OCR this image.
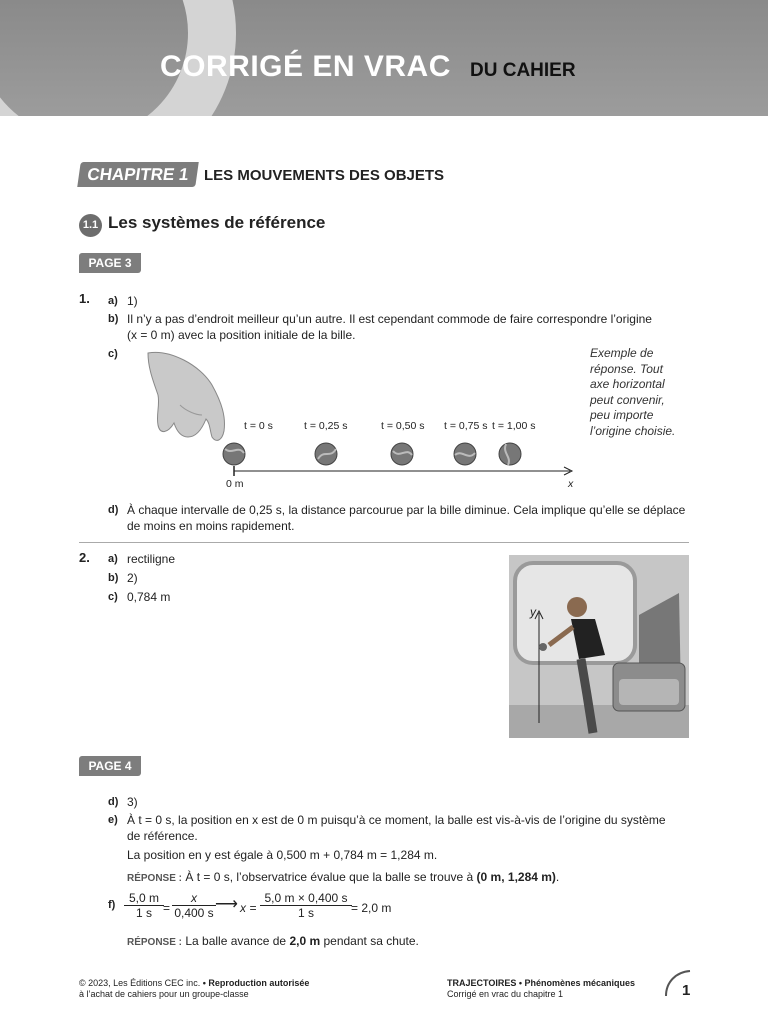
CORRIGÉ EN VRAC DU CAHIER
CHAPITRE 1 LES MOUVEMENTS DES OBJETS
1.1 Les systèmes de référence
PAGE 3
1. a) 1)
b) Il n’y a pas d’endroit meilleur qu’un autre. Il est cependant commode de faire correspondre l’origine
(x = 0 m) avec la position initiale de la bille.
c)
t = 0 s	t = 0,25 s	t = 0,50 s t = 0,75 s t = 1,00 s
0 m	x
Exemple de
réponse. Tout
axe horizontal
peut convenir,
peu importe
l’origine choisie.
d) À chaque intervalle de 0,25 s, la distance parcourue par la bille diminue. Cela implique qu’elle se déplace
de moins en moins rapidement.
2. a) rectiligne
b) 2)
c) 0,784 m
y
PAGE 4
d) 3)
e) À t = 0 s, la position en x est de 0 m puisqu’à ce moment, la balle est vis-à-vis de l’origine du système
de référence.
La position en y est égale à 0,500 m + 0,784 m = 1,284 m.
RÉPONSE : À t = 0 s, l’observatrice évalue que la balle se trouve à (0 m, 1,284 m).
$f) \frac{5,0 m}{1 s} = \frac{x}{0,400 s}$ ⟶ $x = \frac{5,0 m \times 0,400 s}{1 s} = 2,0$ m
RÉPONSE : La balle avance de 2,0 m pendant sa chute.
© 2023, Les Éditions CEC inc. • Reproduction autorisée
à l’achat de cahiers pour un groupe-classe
TRAJECTOIRES • Phénomènes mécaniques
Corrigé en vrac du chapitre 1	1
